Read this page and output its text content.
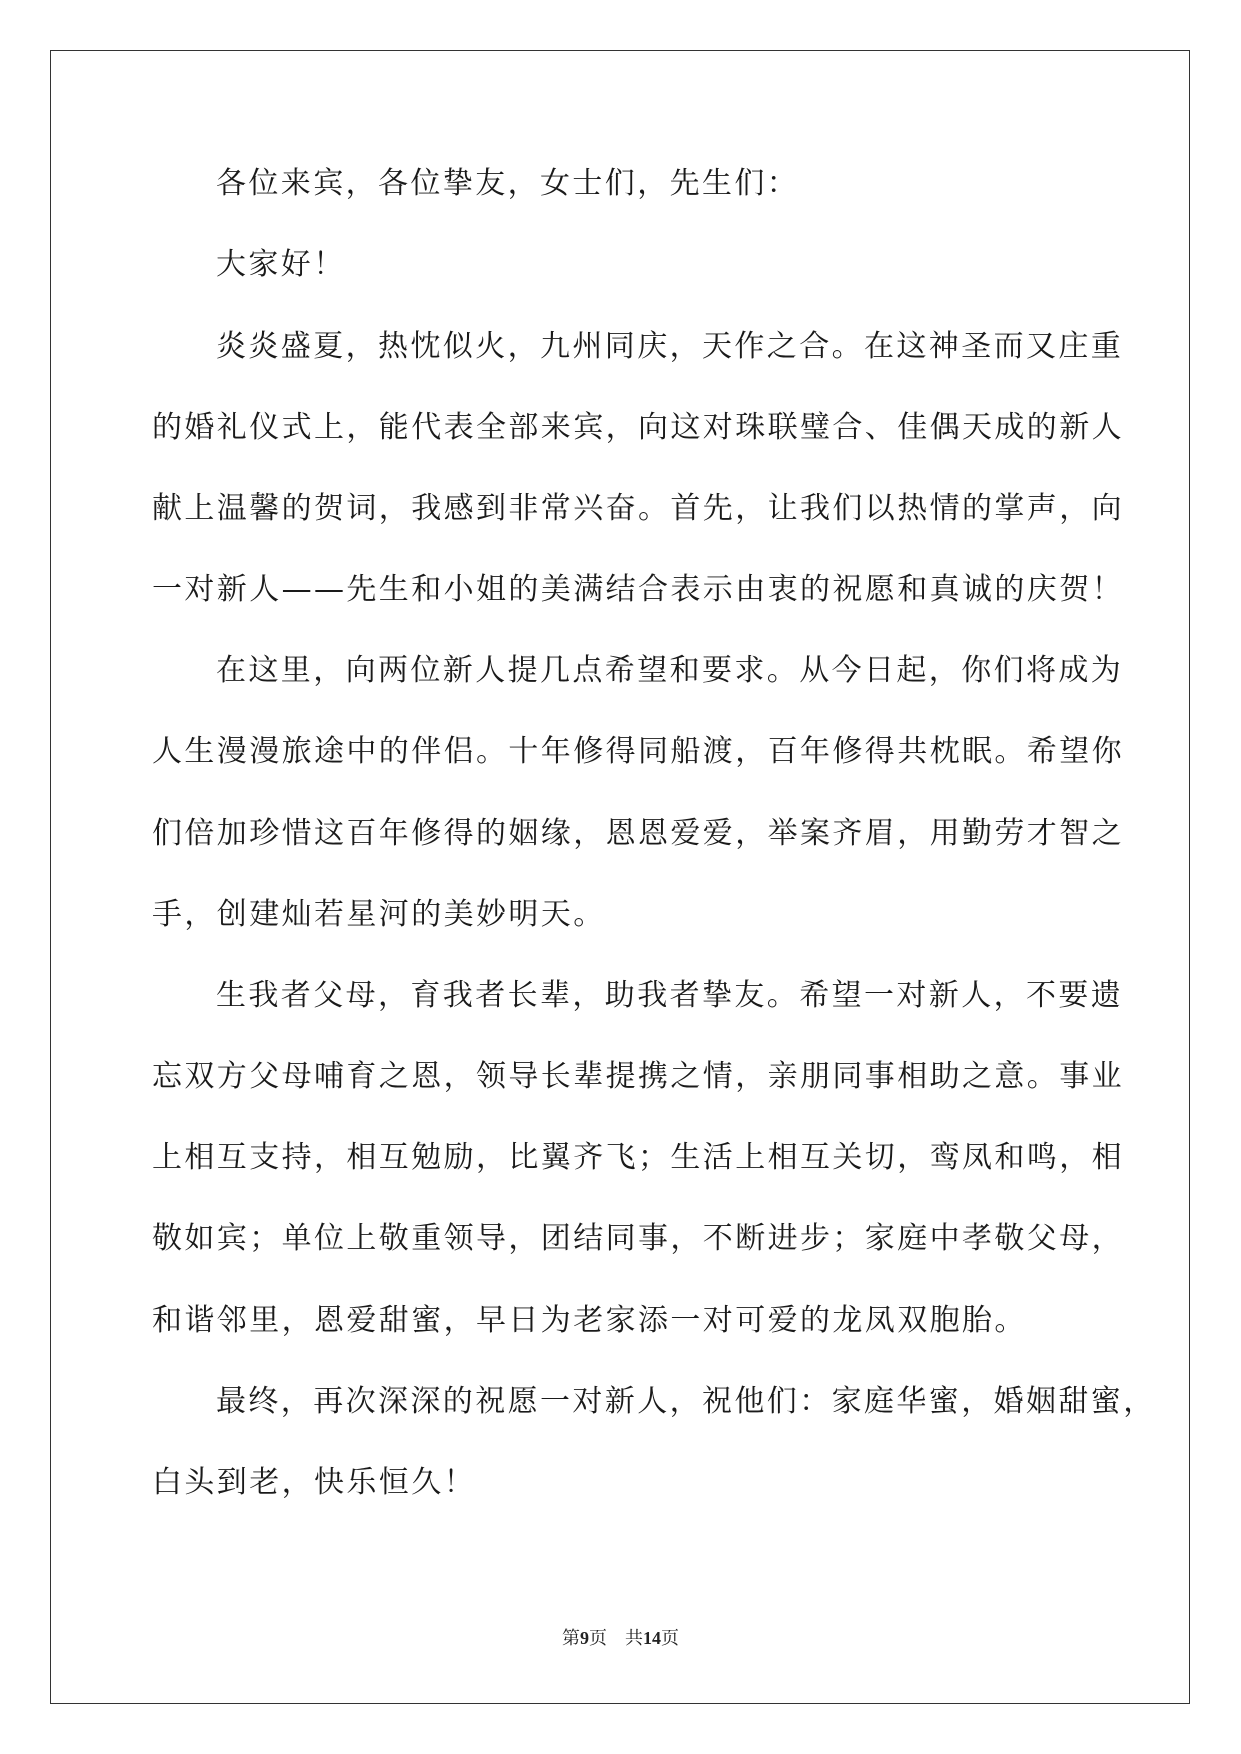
各位来宾，各位挚友，女士们，先生们：
大家好！
炎炎盛夏，热忱似火，九州同庆，天作之合。在这神圣而又庄重
的婚礼仪式上，能代表全部来宾，向这对珠联璧合、佳偶天成的新人
献上温馨的贺词，我感到非常兴奋。首先，让我们以热情的掌声，向
一对新人——先生和小姐的美满结合表示由衷的祝愿和真诚的庆贺！
在这里，向两位新人提几点希望和要求。从今日起，你们将成为
人生漫漫旅途中的伴侣。十年修得同船渡，百年修得共枕眠。希望你
们倍加珍惜这百年修得的姻缘，恩恩爱爱，举案齐眉，用勤劳才智之
手，创建灿若星河的美妙明天。
生我者父母，育我者长辈，助我者挚友。希望一对新人，不要遗
忘双方父母哺育之恩，领导长辈提携之情，亲朋同事相助之意。事业
上相互支持，相互勉励，比翼齐飞；生活上相互关切，鸾凤和鸣，相
敬如宾；单位上敬重领导，团结同事，不断进步；家庭中孝敬父母，
和谐邻里，恩爱甜蜜，早日为老家添一对可爱的龙凤双胞胎。
最终，再次深深的祝愿一对新人，祝他们：家庭华蜜，婚姻甜蜜，
白头到老，快乐恒久！
第9页 共14页
